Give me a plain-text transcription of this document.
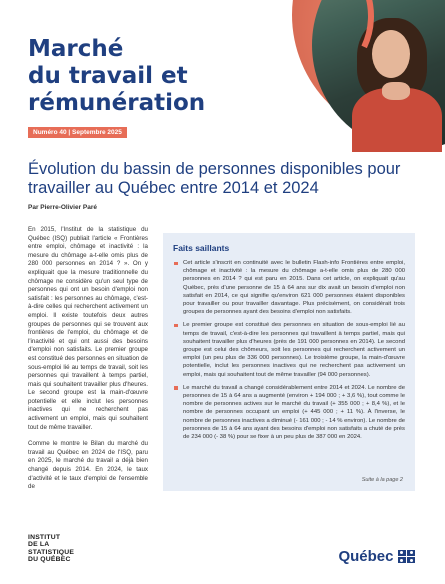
Marché
du travail et
rémunération
Numéro 40 | Septembre 2025
Évolution du bassin de personnes disponibles pour travailler au Québec entre 2014 et 2024
Par Pierre-Olivier Paré

En 2015, l'Institut de la statistique du Québec (ISQ) publiait l'article « Frontières entre emploi, chômage et inactivité : la mesure du chômage a-t-elle omis plus de 280 000 personnes en 2014 ? ». On y expliquait que la mesure traditionnelle du chômage ne considère qu'un seul type de personnes qui ont un besoin d'emploi non satisfait : les personnes au chômage, c'est-à-dire celles qui recherchent activement un emploi. Il existe toutefois deux autres groupes de personnes qui se trouvent aux frontières de l'emploi, du chômage et de l'inactivité et qui ont aussi des besoins d'emploi non satisfaits. Le premier groupe est constitué des personnes en situation de sous-emploi lié au temps de travail, soit les personnes qui travaillent à temps partiel, mais qui souhaitent travailler plus d'heures. Le second groupe est la main-d'œuvre potentielle et elle inclut les personnes inactives qui ne recherchent pas activement un emploi, mais qui souhaitent tout de même travailler.

Comme le montre le Bilan du marché du travail au Québec en 2024 de l'ISQ, paru en 2025, le marché du travail a déjà bien changé depuis 2014. En 2024, le taux d'activité et le taux d'emploi de l'ensemble de

Faits saillants
Cet article s'inscrit en continuité avec le bulletin Flash-info Frontières entre emploi, chômage et inactivité : la mesure du chômage a-t-elle omis plus de 280 000 personnes en 2014 ? qui est paru en 2015. Dans cet article, on expliquait qu'au Québec, près d'une personne de 15 à 64 ans sur dix avait un besoin d'emploi non satisfait en 2014, ce qui signifie qu'environ 621 000 personnes étaient disponibles pour travailler ou pour travailler davantage. Plus précisément, on considérait trois groupes de personnes ayant des besoins d'emploi non satisfaits.
Le premier groupe est constitué des personnes en situation de sous-emploi lié au temps de travail, c'est-à-dire les personnes qui travaillent à temps partiel, mais qui souhaitent travailler plus d'heures (près de 191 000 personnes en 2014). Le second groupe est celui des chômeurs, soit les personnes qui recherchent activement un emploi (un peu plus de 336 000 personnes). Le troisième groupe, la main-d'œuvre potentielle, inclut les personnes inactives qui ne recherchent pas activement un emploi, mais qui souhaitent tout de même travailler (94 000 personnes).
Le marché du travail a changé considérablement entre 2014 et 2024. Le nombre de personnes de 15 à 64 ans a augmenté (environ + 194 000 ; + 3,6 %), tout comme le nombre de personnes actives sur le marché du travail (+ 355 000 ; + 8,4 %), et le nombre de personnes occupant un emploi (+ 445 000 ; + 11 %). À l'inverse, le nombre de personnes inactives a diminué (- 161 000 ; - 14 % environ). Le nombre de personnes de 15 à 64 ans ayant des besoins d'emploi non satisfaits a chuté de près de 234 000 (- 38 %) pour se fixer à un peu plus de 387 000 en 2024.
Suite à la page 2

INSTITUT
DE LA
STATISTIQUE
DU QUÉBEC	Québec
